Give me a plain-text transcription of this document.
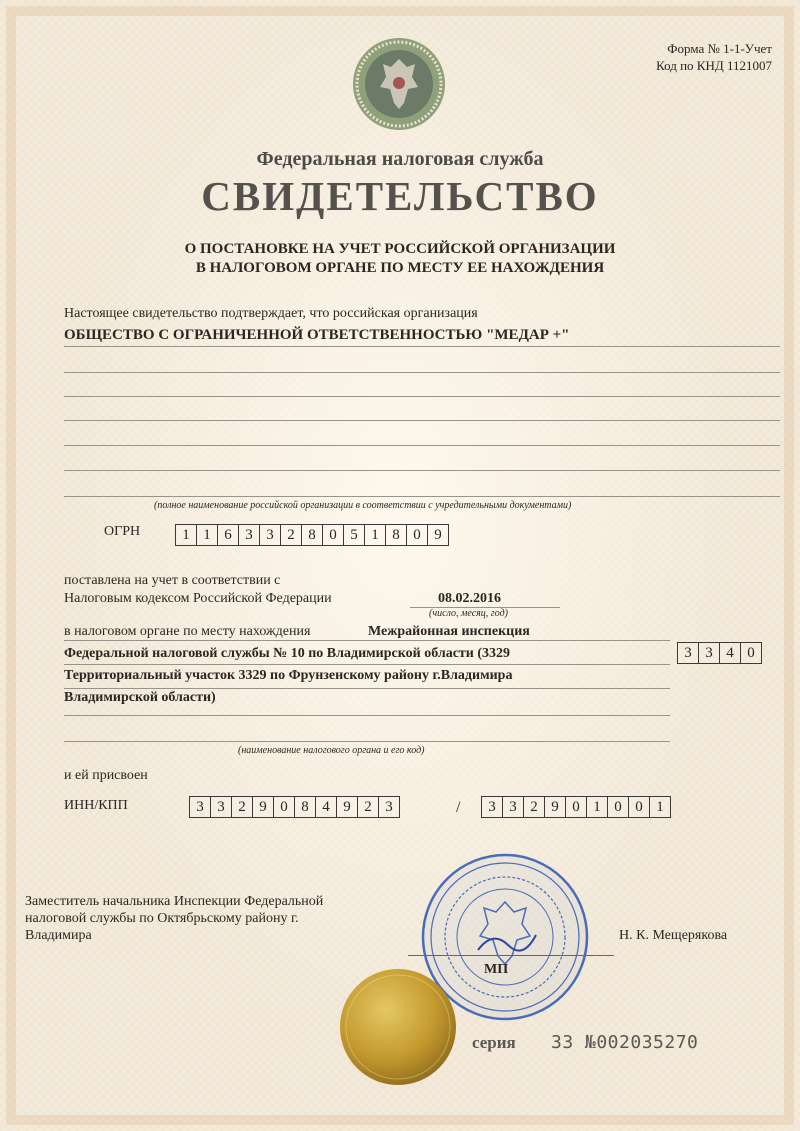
Форма № 1-1-Учет
Код по КНД 1121007
Федеральная налоговая служба
СВИДЕТЕЛЬСТВО
О ПОСТАНОВКЕ НА УЧЕТ РОССИЙСКОЙ ОРГАНИЗАЦИИ
В НАЛОГОВОМ ОРГАНЕ ПО МЕСТУ ЕЕ НАХОЖДЕНИЯ
Настоящее свидетельство подтверждает, что российская организация
ОБЩЕСТВО С ОГРАНИЧЕННОЙ ОТВЕТСТВЕННОСТЬЮ "МЕДАР +"
(полное наименование российской организации в соответствии с учредительными документами)
ОГРН	1 1 6 3 3 2 8 0 5 1 8 0 9
поставлена на учет в соответствии с
Налоговым кодексом Российской Федерации	08.02.2016
(число, месяц, год)
в налоговом органе по месту нахождения	Межрайонная инспекция
Федеральной налоговой службы № 10 по Владимирской области (3329	3 3 4 0
Территориальный участок 3329 по Фрунзенскому району г.Владимира
Владимирской области)
(наименование налогового органа и его код)
и ей присвоен
ИНН/КПП	3 3 2 9 0 8 4 9 2 3	/	3 3 2 9 0 1 0 0 1
Заместитель начальника Инспекции Федеральной
налоговой службы по Октябрьскому району г.
Владимира	Н. К. Мещерякова
МП
серия 33 №002035270
